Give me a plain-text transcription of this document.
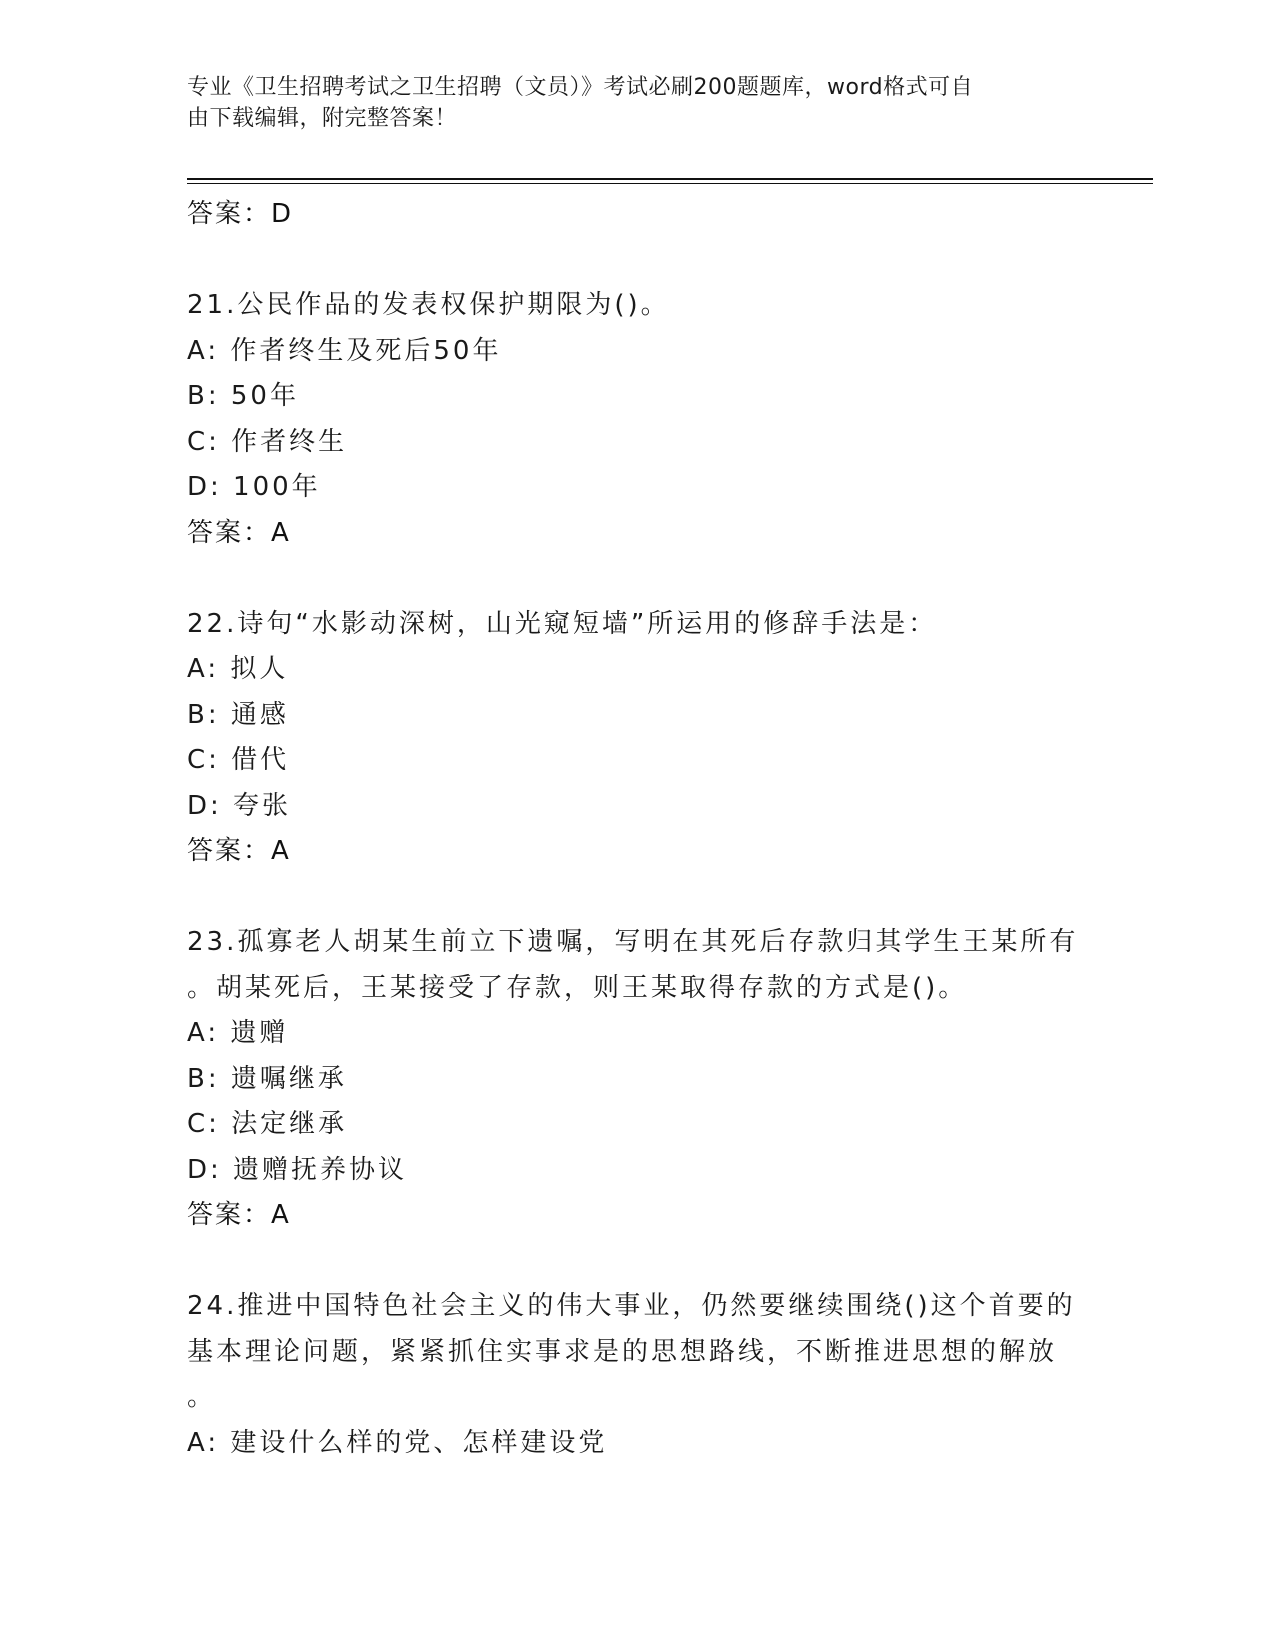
专业《卫生招聘考试之卫生招聘（文员）》考试必刷200题题库，word格式可自
由下载编辑，附完整答案！
答案：D
21.公民作品的发表权保护期限为()。
A: 作者终生及死后50年
B: 50年
C: 作者终生
D: 100年
答案：A
22.诗句“水影动深树，山光窥短墙”所运用的修辞手法是：
A: 拟人
B: 通感
C: 借代
D: 夸张
答案：A
23.孤寡老人胡某生前立下遗嘱，写明在其死后存款归其学生王某所有
。胡某死后，王某接受了存款，则王某取得存款的方式是()。
A: 遗赠
B: 遗嘱继承
C: 法定继承
D: 遗赠抚养协议
答案：A
24.推进中国特色社会主义的伟大事业，仍然要继续围绕()这个首要的
基本理论问题，紧紧抓住实事求是的思想路线，不断推进思想的解放
。
A: 建设什么样的党、怎样建设党
